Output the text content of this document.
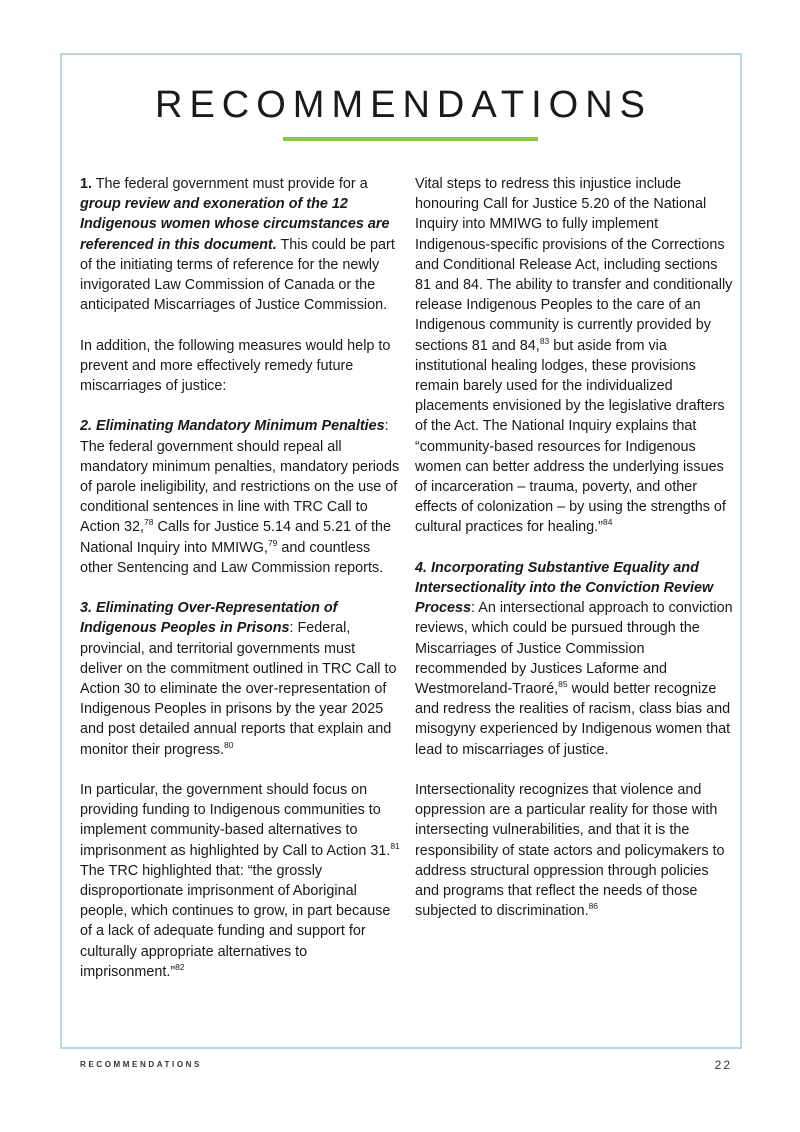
RECOMMENDATIONS

1. The federal government must provide for a group review and exoneration of the 12 Indigenous women whose circumstances are referenced in this document. This could be part of the initiating terms of reference for the newly invigorated Law Commission of Canada or the anticipated Miscarriages of Justice Commission.

In addition, the following measures would help to prevent and more effectively remedy future miscarriages of justice:

2. Eliminating Mandatory Minimum Penalties: The federal government should repeal all mandatory minimum penalties, mandatory periods of parole ineligibility, and restrictions on the use of conditional sentences in line with TRC Call to Action 32,78 Calls for Justice 5.14 and 5.21 of the National Inquiry into MMIWG,$^{79}$ and countless other Sentencing and Law Commission reports.

3. Eliminating Over-Representation of Indigenous Peoples in Prisons: Federal, provincial, and territorial governments must deliver on the commitment outlined in TRC Call to Action 30 to eliminate the over-representation of Indigenous Peoples in prisons by the year 2025 and post detailed annual reports that explain and monitor their progress.$^{80}$

In particular, the government should focus on providing funding to Indigenous communities to implement community-based alternatives to imprisonment as highlighted by Call to Action 31.81 The TRC highlighted that: “the grossly disproportionate imprisonment of Aboriginal people, which continues to grow, in part because of a lack of adequate funding and support for culturally appropriate alternatives to imprisonment.”$^{82}$

Vital steps to redress this injustice include honouring Call for Justice 5.20 of the National Inquiry into MMIWG to fully implement Indigenous-specific provisions of the Corrections and Conditional Release Act, including sections 81 and 84. The ability to transfer and conditionally release Indigenous Peoples to the care of an Indigenous community is currently provided by sections 81 and 84,83 but aside from via institutional healing lodges, these provisions remain barely used for the individualized placements envisioned by the legislative drafters of the Act. The National Inquiry explains that “community-based resources for Indigenous women can better address the underlying issues of incarceration – trauma, poverty, and other effects of colonization – by using the strengths of cultural practices for healing.”$^{84}$

4. Incorporating Substantive Equality and Intersectionality into the Conviction Review Process: An intersectional approach to conviction reviews, which could be pursued through the Miscarriages of Justice Commission recommended by Justices Laforme and Westmoreland-Traoré,$^{85}$ would better recognize and redress the realities of racism, class bias and misogyny experienced by Indigenous women that lead to miscarriages of justice.

Intersectionality recognizes that violence and oppression are a particular reality for those with intersecting vulnerabilities, and that it is the responsibility of state actors and policymakers to address structural oppression through policies and programs that reflect the needs of those subjected to discrimination.$^{86}$

RECOMMENDATIONS	22
